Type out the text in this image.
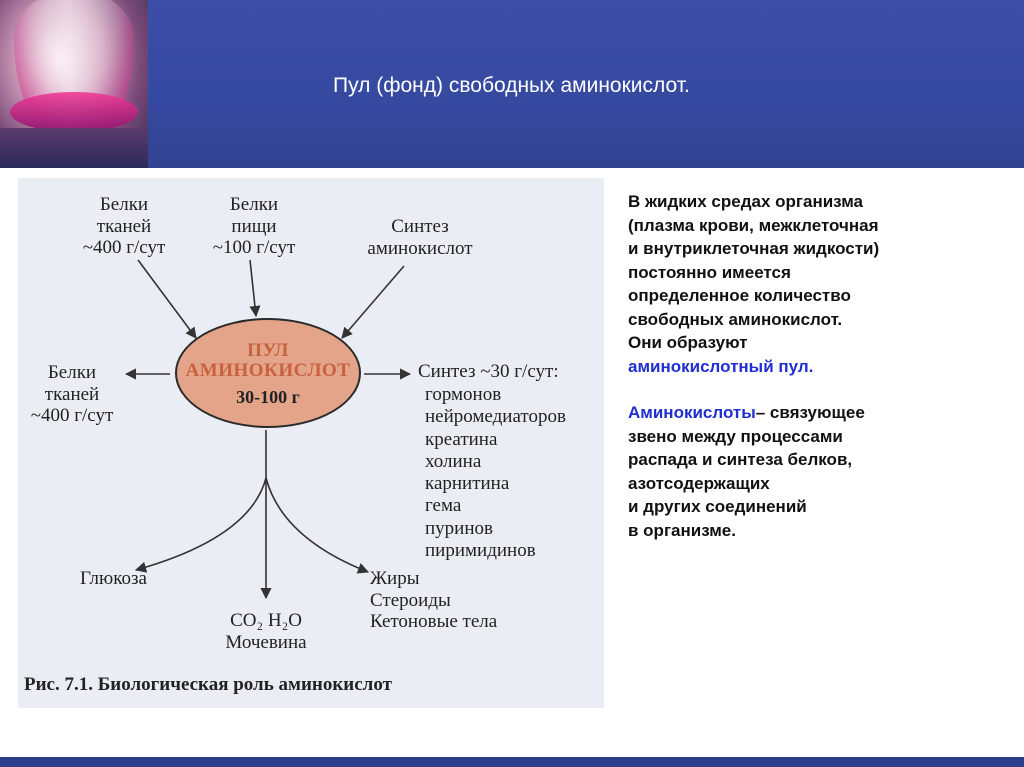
Пул (фонд) свободных аминокислот.
Белки
тканей
~400 г/сут
Белки
пищи
~100 г/сут
Синтез
аминокислот
Белки
тканей
~400 г/сут
ПУЛ
АМИНОКИСЛОТ
30-100 г
Синтез ~30 г/сут:
гормонов
нейромедиаторов
креатина
холина
карнитина
гема
пуринов
пиримидинов
Глюкоза	Жиры
Стероиды
Кетоновые тела
CO₂ H₂O
Мочевина
Рис. 7.1. Биологическая роль аминокислот
В жидких средах организма
(плазма крови, межклеточная
и внутриклеточная жидкости)
постоянно имеется
определенное количество
свободных аминокислот.
Они образуют
аминокислотный пул.
Аминокислоты– связующее
звено между процессами
распада и синтеза белков,
азотсодержащих
и других соединений
в организме.
